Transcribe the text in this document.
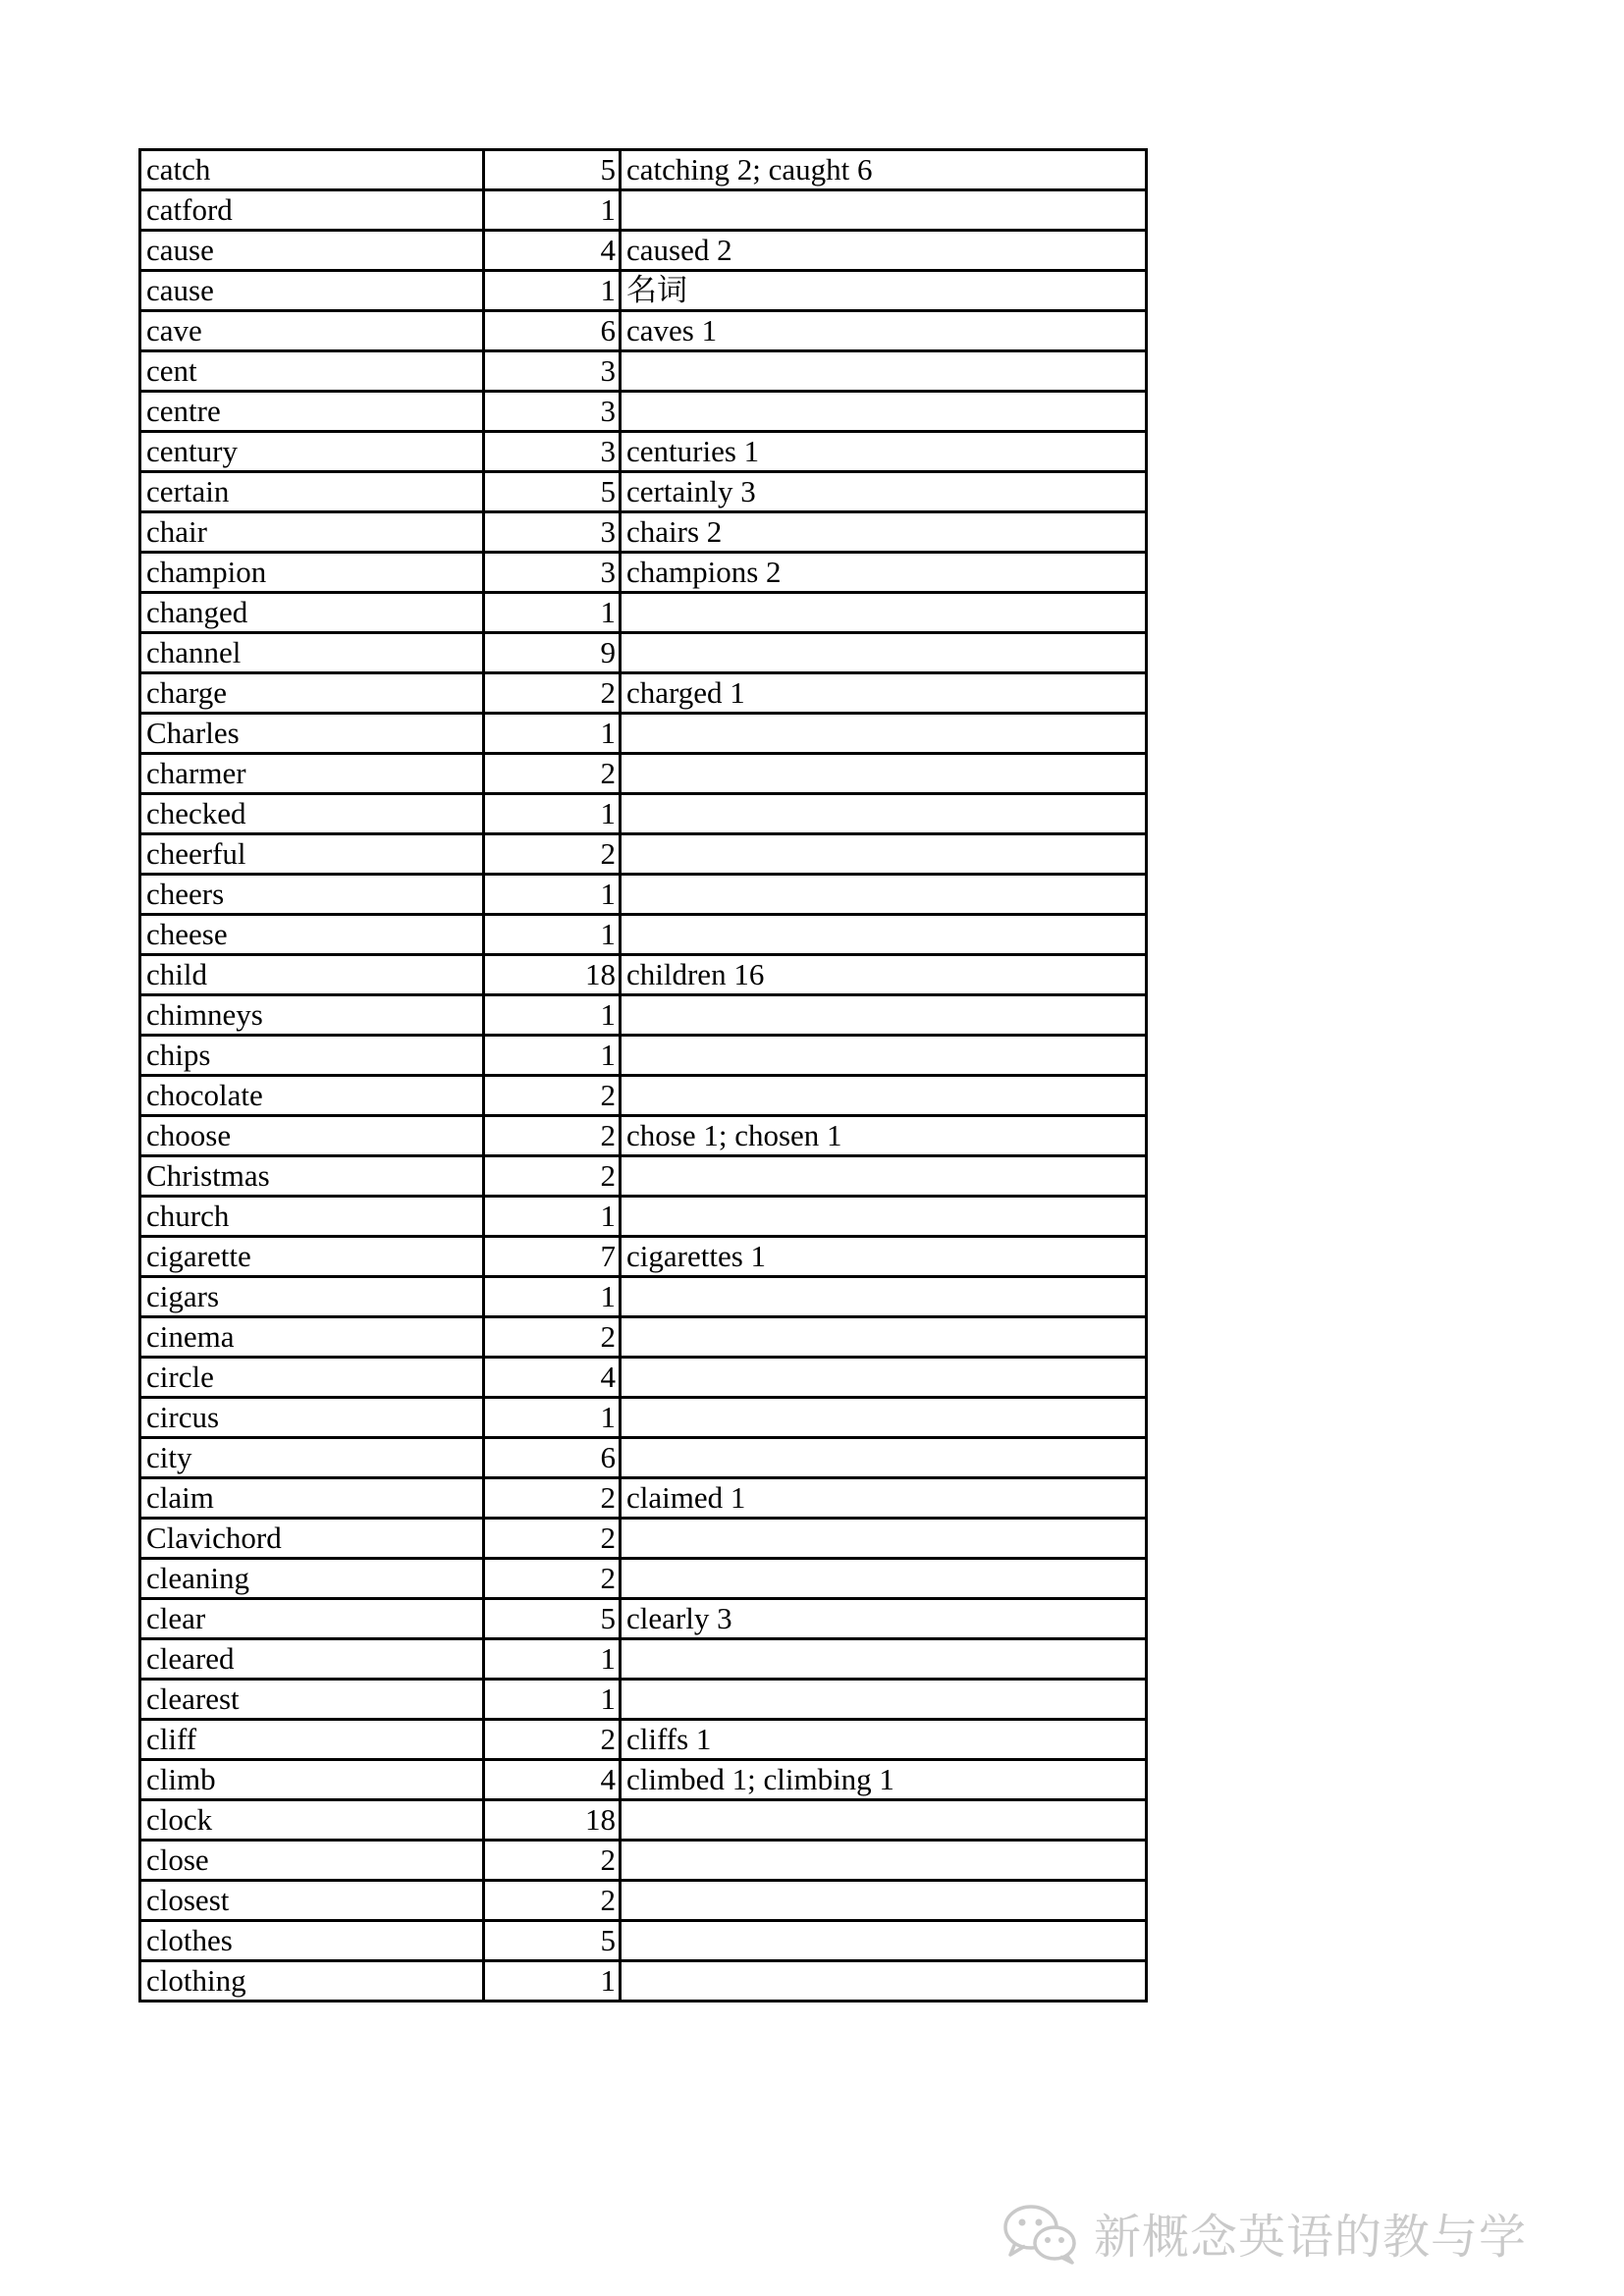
catch	5	catching 2; caught 6
catford	1	
cause	4	caused 2
cause	1	名词
cave	6	caves 1
cent	3	
centre	3	
century	3	centuries 1
certain	5	certainly 3
chair	3	chairs 2
champion	3	champions 2
changed	1	
channel	9	
charge	2	charged 1
Charles	1	
charmer	2	
checked	1	
cheerful	2	
cheers	1	
cheese	1	
child	18	children 16
chimneys	1	
chips	1	
chocolate	2	
choose	2	chose 1; chosen 1
Christmas	2	
church	1	
cigarette	7	cigarettes 1
cigars	1	
cinema	2	
circle	4	
circus	1	
city	6	
claim	2	claimed 1
Clavichord	2	
cleaning	2	
clear	5	clearly 3
cleared	1	
clearest	1	
cliff	2	cliffs 1
climb	4	climbed 1; climbing 1
clock	18	
close	2	
closest	2	
clothes	5	
clothing	1	
新概念英语的教与学
